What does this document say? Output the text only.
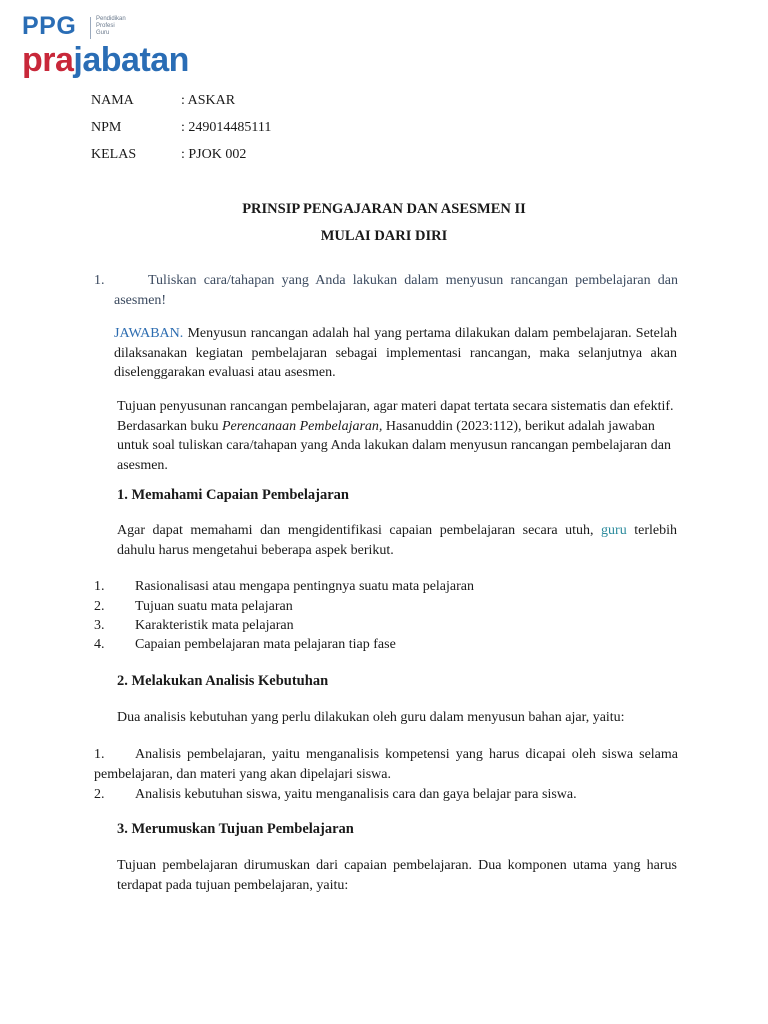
PPG	Pendidikan
Profesi
Guru
prajabatan
NAMA	: ASKAR
NPM	: 249014485111
KELAS	: PJOK 002
PRINSIP PENGAJARAN DAN ASESMEN II
MULAI DARI DIRI
1.	Tuliskan cara/tahapan yang Anda lakukan dalam menyusun rancangan pembelajaran dan asesmen!
JAWABAN. Menyusun rancangan adalah hal yang pertama dilakukan dalam pembelajaran. Setelah dilaksanakan kegiatan pembelajaran sebagai implementasi rancangan, maka selanjutnya akan diselenggarakan evaluasi atau asesmen.
Tujuan penyusunan rancangan pembelajaran, agar materi dapat tertata secara sistematis dan efektif. Berdasarkan buku Perencanaan Pembelajaran, Hasanuddin (2023:112), berikut adalah jawaban untuk soal tuliskan cara/tahapan yang Anda lakukan dalam menyusun rancangan pembelajaran dan asesmen.
1. Memahami Capaian Pembelajaran
Agar dapat memahami dan mengidentifikasi capaian pembelajaran secara utuh, guru terlebih dahulu harus mengetahui beberapa aspek berikut.
1.	Rasionalisasi atau mengapa pentingnya suatu mata pelajaran
2.	Tujuan suatu mata pelajaran
3.	Karakteristik mata pelajaran
4.	Capaian pembelajaran mata pelajaran tiap fase
2. Melakukan Analisis Kebutuhan
Dua analisis kebutuhan yang perlu dilakukan oleh guru dalam menyusun bahan ajar, yaitu:
1.	Analisis pembelajaran, yaitu menganalisis kompetensi yang harus dicapai oleh siswa selama pembelajaran, dan materi yang akan dipelajari siswa.
2.	Analisis kebutuhan siswa, yaitu menganalisis cara dan gaya belajar para siswa.
3. Merumuskan Tujuan Pembelajaran
Tujuan pembelajaran dirumuskan dari capaian pembelajaran. Dua komponen utama yang harus terdapat pada tujuan pembelajaran, yaitu:
